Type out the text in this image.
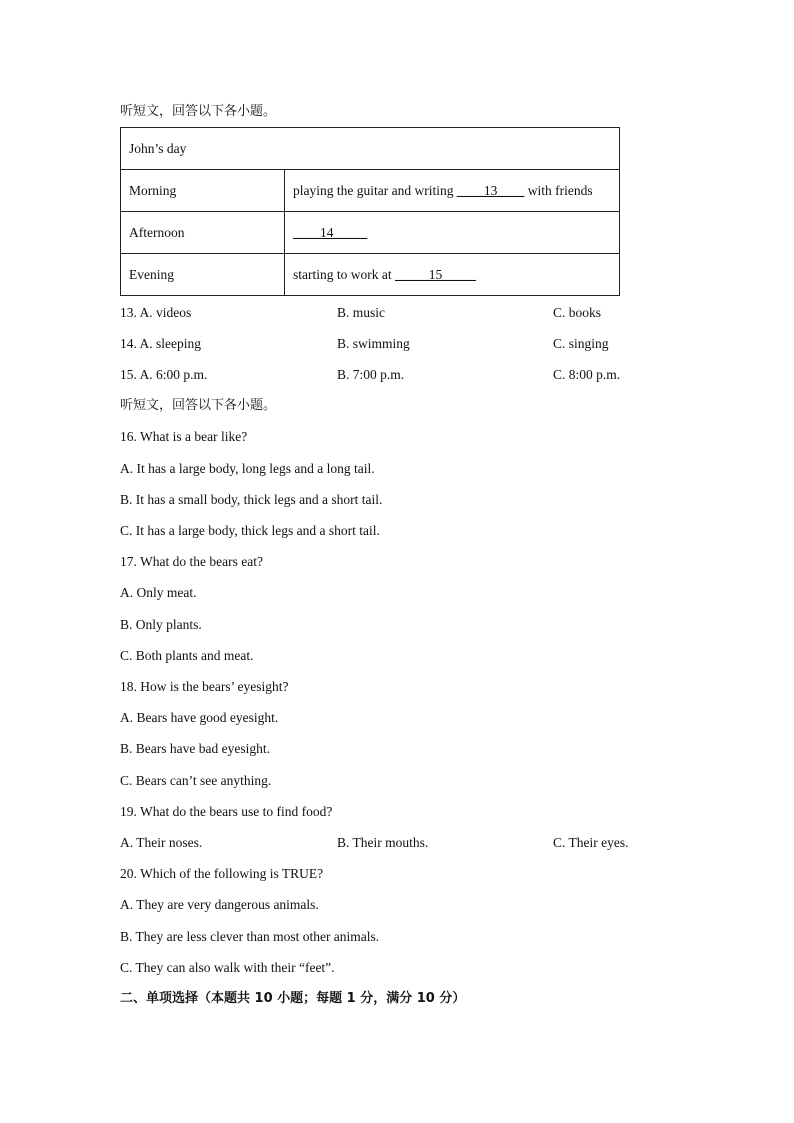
听短文，回答以下各小题。
John’s day	
Morning	playing the guitar and writing ____13____ with friends
Afternoon	____14_____
Evening	starting to work at _____15_____
13. A. videos	B. music	C. books
14. A. sleeping	B. swimming	C. singing
15. A. 6:00 p.m.	B. 7:00 p.m.	C. 8:00 p.m.
听短文，回答以下各小题。
16. What is a bear like?
A. It has a large body, long legs and a long tail.
B. It has a small body, thick legs and a short tail.
C. It has a large body, thick legs and a short tail.
17. What do the bears eat?
A. Only meat.
B. Only plants.
C. Both plants and meat.
18. How is the bears’ eyesight?
A. Bears have good eyesight.
B. Bears have bad eyesight.
C. Bears can’t see anything.
19. What do the bears use to find food?
A. Their noses.	B. Their mouths.	C. Their eyes.
20. Which of the following is TRUE?
A. They are very dangerous animals.
B. They are less clever than most other animals.
C. They can also walk with their “feet”.
二、单项选择（本题共 10 小题；每题 1 分，满分 10 分）
